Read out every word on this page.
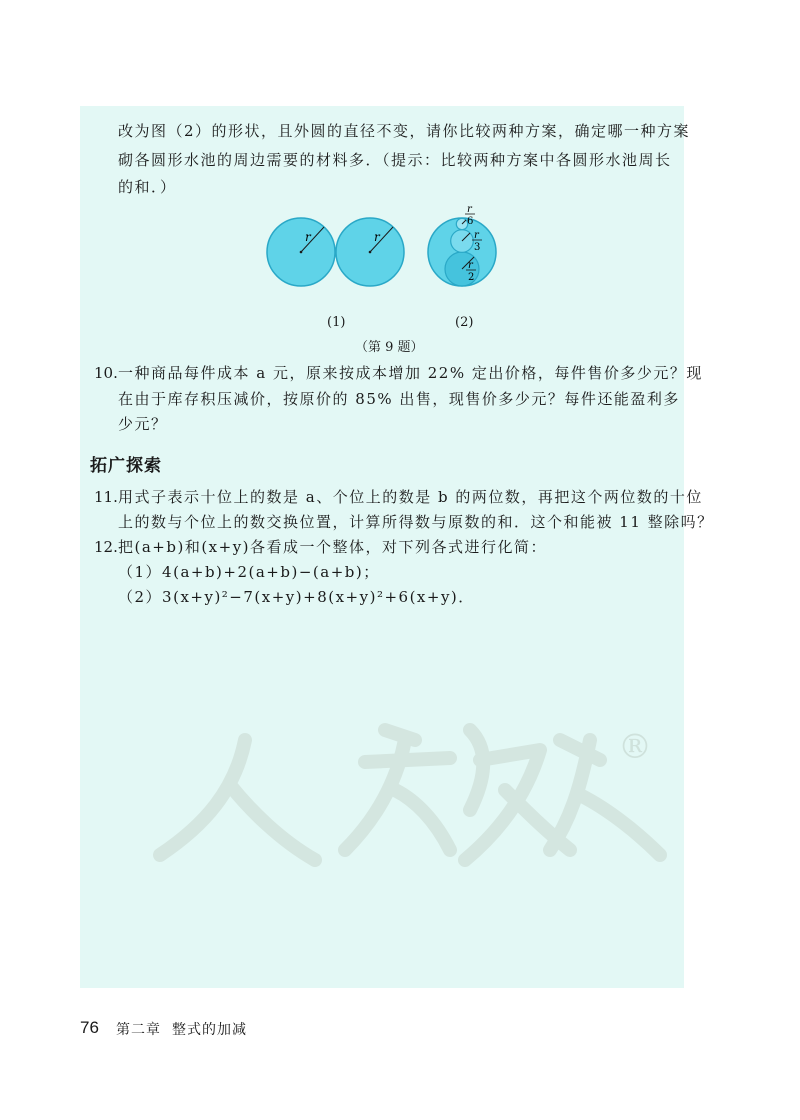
®
改为图（2）的形状，且外圆的直径不变，请你比较两种方案，确定哪一种方案
砌各圆形水池的周边需要的材料多．（提示：比较两种方案中各圆形水池周长
的和．）
r	r
r
6
r
3
r
2
(1)	(2)
（第 9 题）
10. 一种商品每件成本 a 元，原来按成本增加 22% 定出价格，每件售价多少元？现
在由于库存积压减价，按原价的 85% 出售，现售价多少元？每件还能盈利多
少元？
拓广探索
11. 用式子表示十位上的数是 a、个位上的数是 b 的两位数，再把这个两位数的十位
上的数与个位上的数交换位置，计算所得数与原数的和．这个和能被 11 整除吗？
12. 把(a+b)和(x+y)各看成一个整体，对下列各式进行化简：
（1）4(a+b)+2(a+b)−(a+b)；
（2）3(x+y)²−7(x+y)+8(x+y)²+6(x+y)．
76 第二章 整式的加减
